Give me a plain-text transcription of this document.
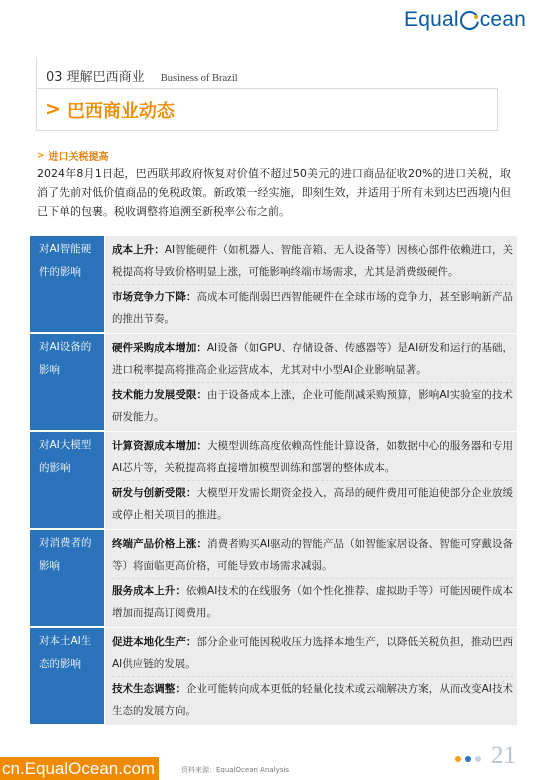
Equal cean
03 理解巴西商业 Business of Brazil
> 巴西商业动态
> 进口关税提高

2024年8月1日起，巴西联邦政府恢复对价值不超过50美元的进口商品征收20%的进口关税，取消了先前对低价值商品的免税政策。新政策一经实施，即刻生效，并适用于所有未到达巴西境内但已下单的包裹。税收调整将追溯至新税率公布之前。

对AI智能硬件的影响

成本上升：AI智能硬件（如机器人、智能音箱、无人设备等）因核心部件依赖进口，关税提高将导致价格明显上涨，可能影响终端市场需求，尤其是消费级硬件。

市场竞争力下降：高成本可能削弱巴西智能硬件在全球市场的竞争力，甚至影响新产品的推出节奏。

对AI设备的影响

硬件采购成本增加：AI设备（如GPU、存储设备、传感器等）是AI研发和运行的基础，进口税率提高将推高企业运营成本，尤其对中小型AI企业影响显著。

技术能力发展受限：由于设备成本上涨，企业可能削减采购预算，影响AI实验室的技术研发能力。

对AI大模型的影响

计算资源成本增加：大模型训练高度依赖高性能计算设备，如数据中心的服务器和专用AI芯片等，关税提高将直接增加模型训练和部署的整体成本。

研发与创新受限：大模型开发需长期资金投入，高昂的硬件费用可能迫使部分企业放缓或停止相关项目的推进。

对消费者的影响

终端产品价格上涨：消费者购买AI驱动的智能产品（如智能家居设备、智能可穿戴设备等）将面临更高价格，可能导致市场需求减弱。

服务成本上升：依赖AI技术的在线服务（如个性化推荐、虚拟助手等）可能因硬件成本增加而提高订阅费用。

对本土AI生态的影响

促进本地化生产：部分企业可能因税收压力选择本地生产，以降低关税负担，推动巴西AI供应链的发展。

技术生态调整：企业可能转向成本更低的轻量化技术或云端解决方案，从而改变AI技术生态的发展方向。

cn.EqualOcean.com	资料来源：EqualOcean Analysis
21
